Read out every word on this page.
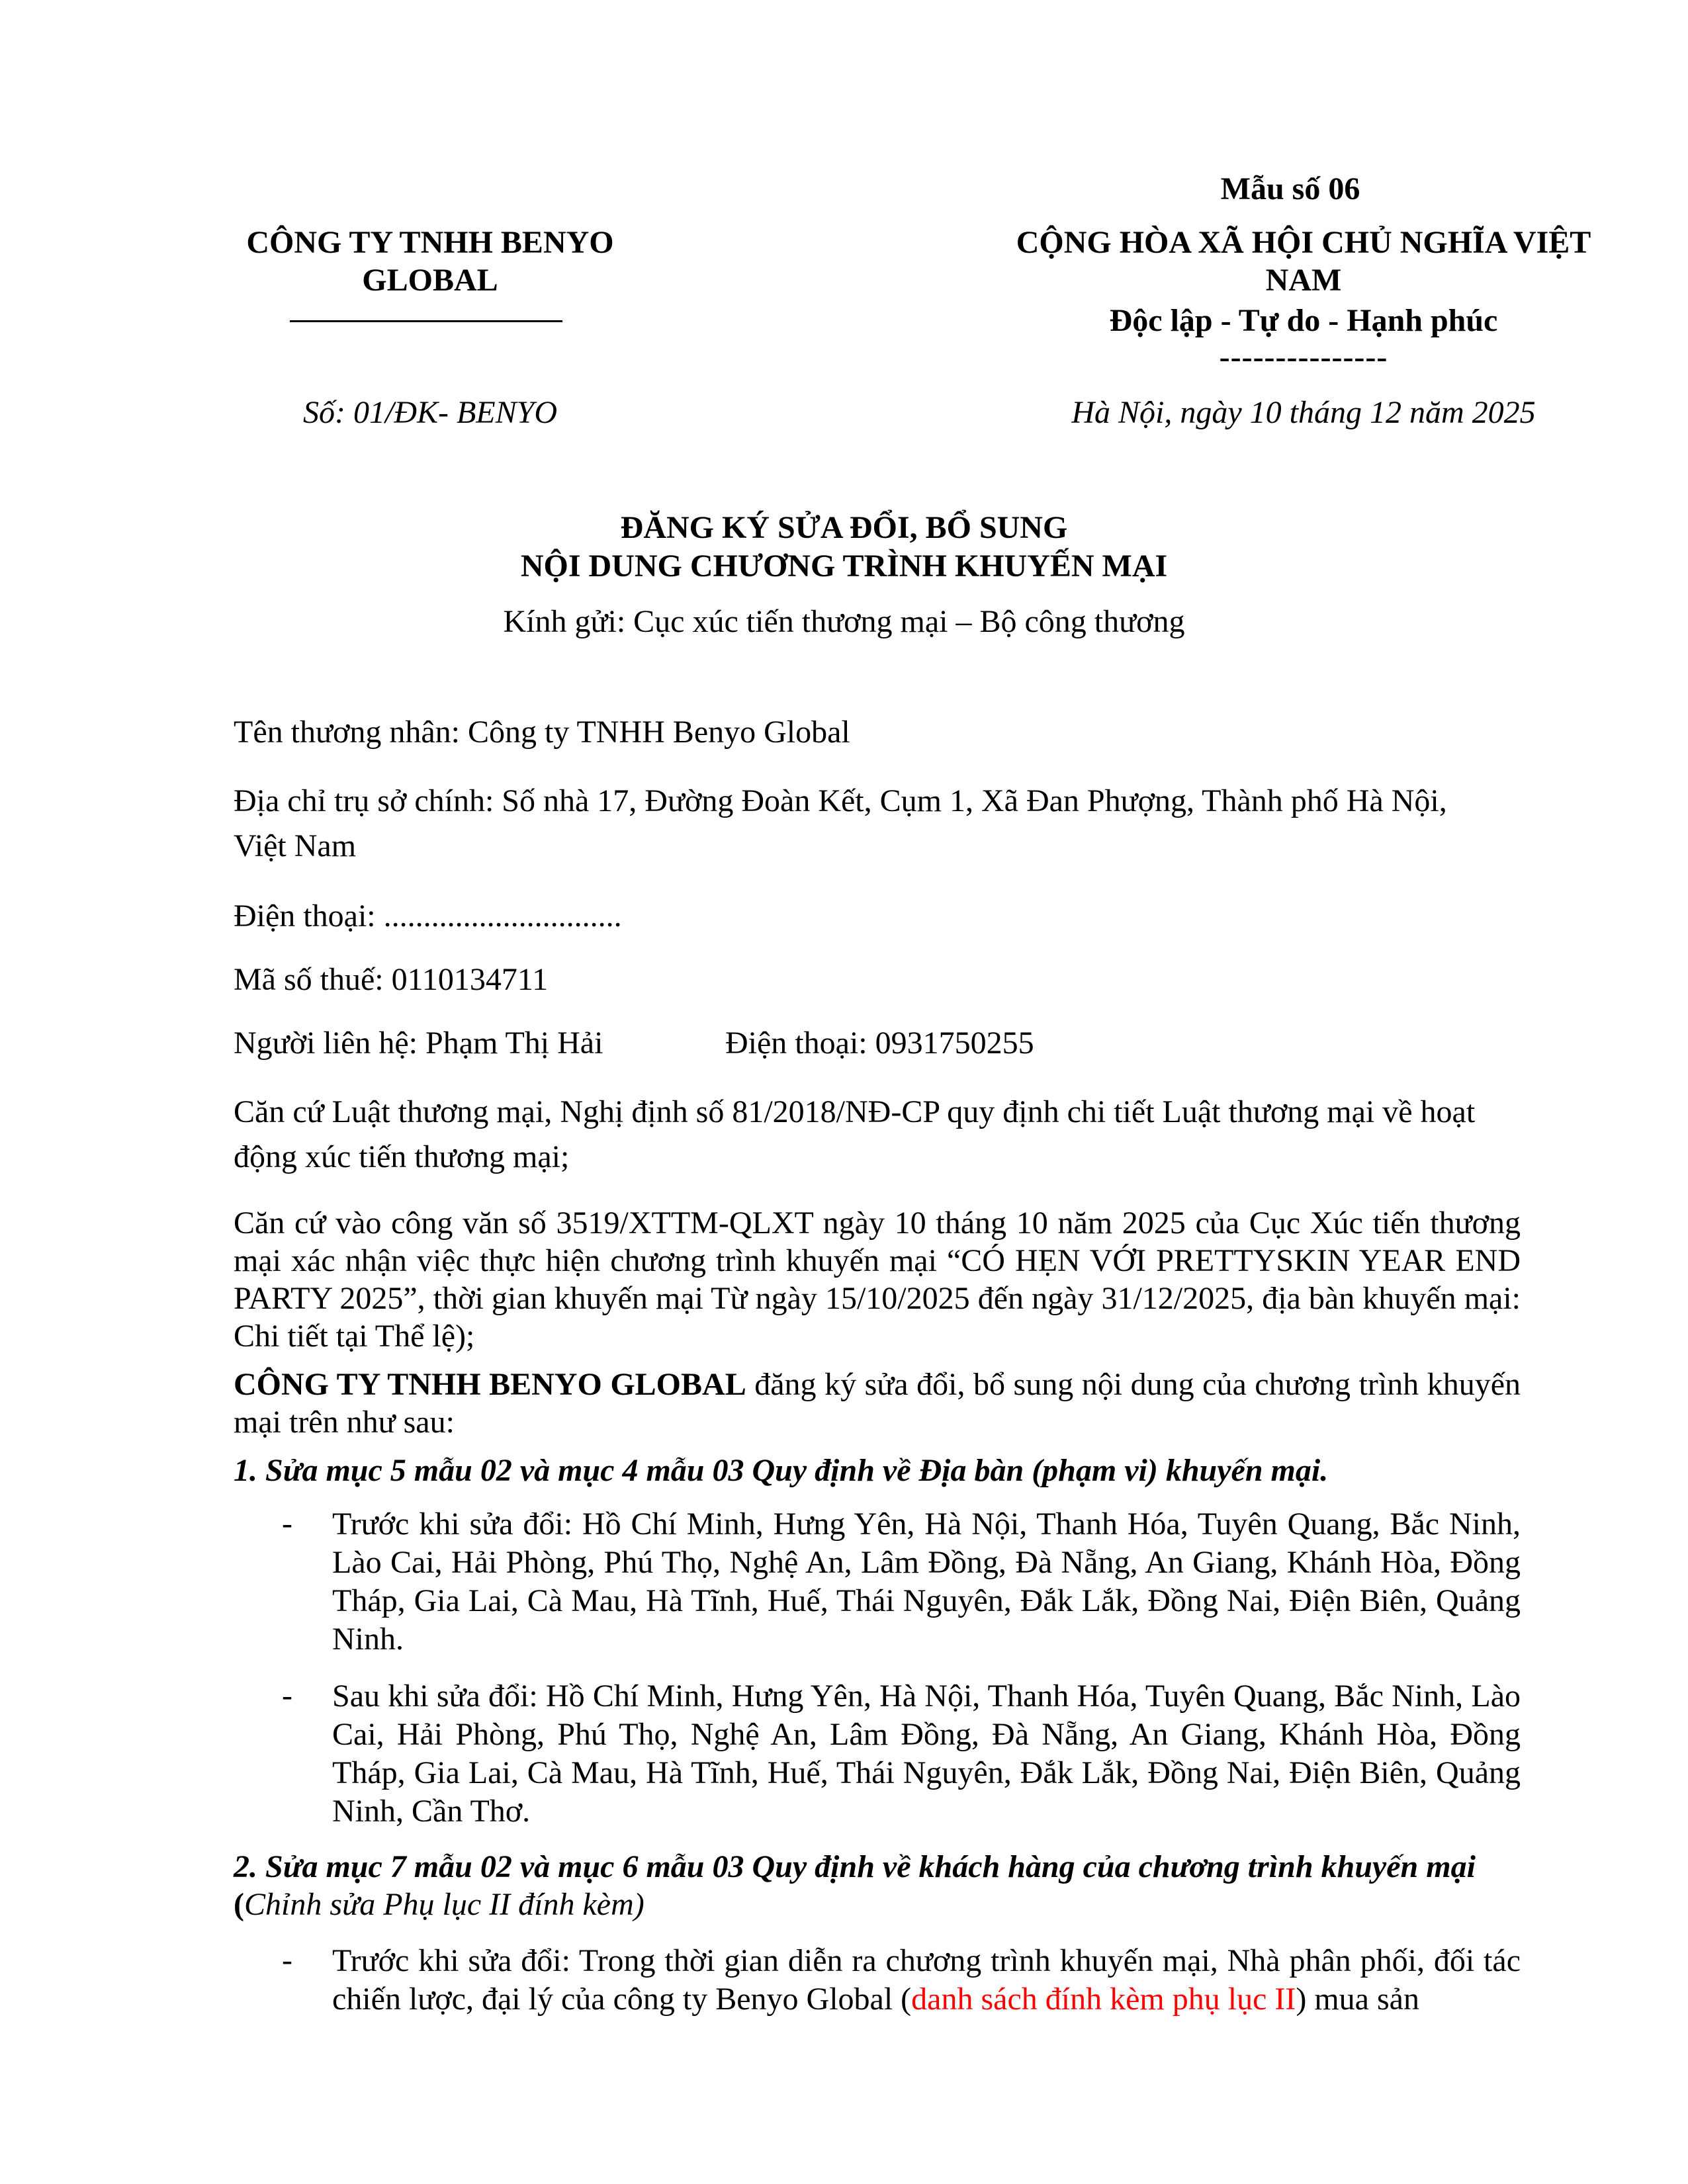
Mẫu số 06
CÔNG TY TNHH BENYO
GLOBAL
CỘNG HÒA XÃ HỘI CHỦ NGHĨA VIỆT
NAM
Độc lập - Tự do - Hạnh phúc
---------------
Số: 01/ĐK- BENYO	Hà Nội, ngày 10 tháng 12 năm 2025
ĐĂNG KÝ SỬA ĐỔI, BỔ SUNG
NỘI DUNG CHƯƠNG TRÌNH KHUYẾN MẠI
Kính gửi: Cục xúc tiến thương mại – Bộ công thương
Tên thương nhân: Công ty TNHH Benyo Global
Địa chỉ trụ sở chính: Số nhà 17, Đường Đoàn Kết, Cụm 1, Xã Đan Phượng, Thành phố Hà Nội,
Việt Nam
Điện thoại: ..............................
Mã số thuế: 0110134711
Người liên hệ: Phạm Thị Hải	Điện thoại: 0931750255
Căn cứ Luật thương mại, Nghị định số 81/2018/NĐ-CP quy định chi tiết Luật thương mại về hoạt
động xúc tiến thương mại;
Căn cứ vào công văn số 3519/XTTM-QLXT ngày 10 tháng 10 năm 2025 của Cục Xúc tiến thương mại xác nhận việc thực hiện chương trình khuyến mại “CÓ HẸN VỚI PRETTYSKIN YEAR END PARTY 2025”, thời gian khuyến mại Từ ngày 15/10/2025 đến ngày 31/12/2025, địa bàn khuyến mại: Chi tiết tại Thể lệ);
CÔNG TY TNHH BENYO GLOBAL đăng ký sửa đổi, bổ sung nội dung của chương trình khuyến mại trên như sau:
1. Sửa mục 5 mẫu 02 và mục 4 mẫu 03 Quy định về Địa bàn (phạm vi) khuyến mại.
- Trước khi sửa đổi: Hồ Chí Minh, Hưng Yên, Hà Nội, Thanh Hóa, Tuyên Quang, Bắc Ninh, Lào Cai, Hải Phòng, Phú Thọ, Nghệ An, Lâm Đồng, Đà Nẵng, An Giang, Khánh Hòa, Đồng Tháp, Gia Lai, Cà Mau, Hà Tĩnh, Huế, Thái Nguyên, Đắk Lắk, Đồng Nai, Điện Biên, Quảng Ninh.
- Sau khi sửa đổi: Hồ Chí Minh, Hưng Yên, Hà Nội, Thanh Hóa, Tuyên Quang, Bắc Ninh, Lào Cai, Hải Phòng, Phú Thọ, Nghệ An, Lâm Đồng, Đà Nẵng, An Giang, Khánh Hòa, Đồng Tháp, Gia Lai, Cà Mau, Hà Tĩnh, Huế, Thái Nguyên, Đắk Lắk, Đồng Nai, Điện Biên, Quảng Ninh, Cần Thơ.
2. Sửa mục 7 mẫu 02 và mục 6 mẫu 03 Quy định về khách hàng của chương trình khuyến mại
(Chỉnh sửa Phụ lục II đính kèm)
- Trước khi sửa đổi: Trong thời gian diễn ra chương trình khuyến mại, Nhà phân phối, đối tác chiến lược, đại lý của công ty Benyo Global (danh sách đính kèm phụ lục II) mua sản
